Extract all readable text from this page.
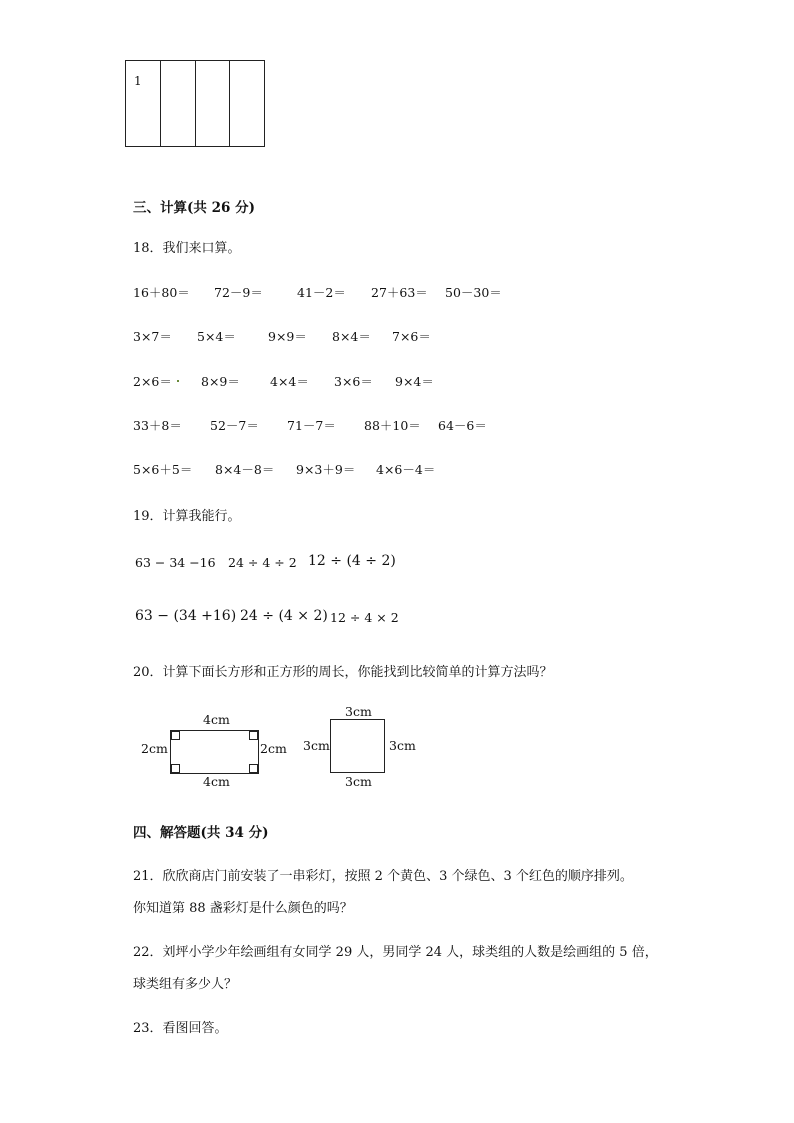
1
三、计算(共 26 分)
18．我们来口算。
16＋80＝ 72－9＝	41－2＝ 27＋63＝ 50－30＝
3×7＝ 5×4＝	9×9＝ 8×4＝ 7×6＝
2×6＝ 8×9＝ 4×4＝ 3×6＝ 9×4＝
33＋8＝ 52－7＝ 71－7＝ 88＋10＝ 64－6＝
5×6＋5＝ 8×4－8＝ 9×3＋9＝ 4×6－4＝
19．计算我能行。
63 − 34 −16 24 ÷ 4 ÷ 2 12 ÷ (4 ÷ 2)
63 − (34 +16) 24 ÷ (4 × 2) 12 ÷ 4 × 2
20．计算下面长方形和正方形的周长，你能找到比较简单的计算方法吗？
4cm
2cm	2cm
4cm
3cm
3cm	3cm
3cm
四、解答题(共 34 分)
21．欣欣商店门前安装了一串彩灯，按照 2 个黄色、3 个绿色、3 个红色的顺序排列。
你知道第 88 盏彩灯是什么颜色的吗？
22．刘坪小学少年绘画组有女同学 29 人，男同学 24 人，球类组的人数是绘画组的 5 倍，
球类组有多少人？
23．看图回答。
